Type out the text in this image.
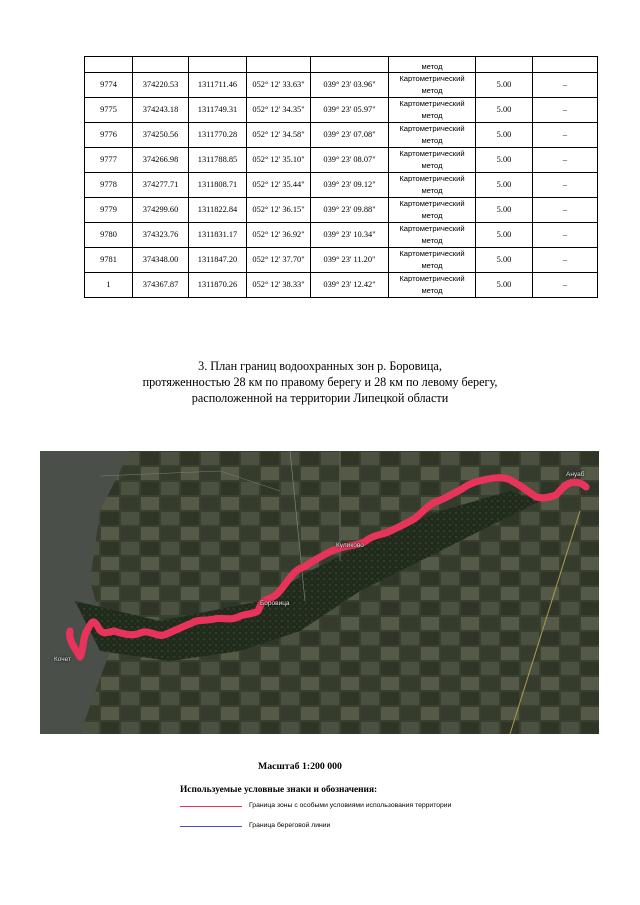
					метод		
9774	374220.53	1311711.46	052° 12' 33.63"	039° 23' 03.96"	Картометрический
метод	5.00	–
9775	374243.18	1311749.31	052° 12' 34.35"	039° 23' 05.97"	Картометрический
метод	5.00	–
9776	374250.56	1311770.28	052° 12' 34.58"	039° 23' 07.08"	Картометрический
метод	5.00	–
9777	374266.98	1311788.85	052° 12' 35.10"	039° 23' 08.07"	Картометрический
метод	5.00	–
9778	374277.71	1311808.71	052° 12' 35.44"	039° 23' 09.12"	Картометрический
метод	5.00	–
9779	374299.60	1311822.84	052° 12' 36.15"	039° 23' 09.88"	Картометрический
метод	5.00	–
9780	374323.76	1311831.17	052° 12' 36.92"	039° 23' 10.34"	Картометрический
метод	5.00	–
9781	374348.00	1311847.20	052° 12' 37.70"	039° 23' 11.20"	Картометрический
метод	5.00	–
1	374367.87	1311870.26	052° 12' 38.33"	039° 23' 12.42"	Картометрический
метод	5.00	–
3. План границ водоохранных зон р. Боровица,
протяженностью 28 км по правому берегу и 28 км по левому берегу,
расположенной на территории Липецкой области
Кочет
Боровица
Куликово
Ануаб
Масштаб 1:200 000
Используемые условные знаки и обозначения:
Граница зоны с особыми условиями использования территории
Граница береговой линии
